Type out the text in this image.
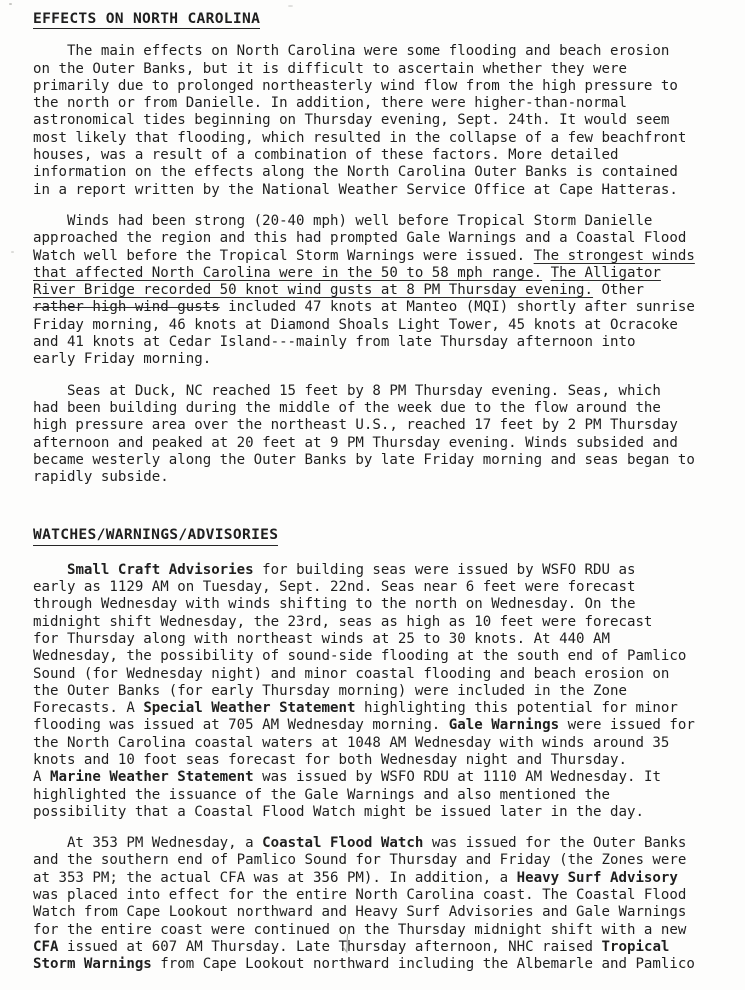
EFFECTS ON NORTH CAROLINA
The main effects on North Carolina were some flooding and beach erosion
on the Outer Banks, but it is difficult to ascertain whether they were
primarily due to prolonged northeasterly wind flow from the high pressure to
the north or from Danielle. In addition, there were higher-than-normal
astronomical tides beginning on Thursday evening, Sept. 24th. It would seem
most likely that flooding, which resulted in the collapse of a few beachfront
houses, was a result of a combination of these factors. More detailed
information on the effects along the North Carolina Outer Banks is contained
in a report written by the National Weather Service Office at Cape Hatteras.
Winds had been strong (20-40 mph) well before Tropical Storm Danielle
approached the region and this had prompted Gale Warnings and a Coastal Flood
Watch well before the Tropical Storm Warnings were issued. The strongest winds
that affected North Carolina were in the 50 to 58 mph range. The Alligator
River Bridge recorded 50 knot wind gusts at 8 PM Thursday evening. Other
rather high wind gusts included 47 knots at Manteo (MQI) shortly after sunrise
Friday morning, 46 knots at Diamond Shoals Light Tower, 45 knots at Ocracoke
and 41 knots at Cedar Island---mainly from late Thursday afternoon into
early Friday morning.
Seas at Duck, NC reached 15 feet by 8 PM Thursday evening. Seas, which
had been building during the middle of the week due to the flow around the
high pressure area over the northeast U.S., reached 17 feet by 2 PM Thursday
afternoon and peaked at 20 feet at 9 PM Thursday evening. Winds subsided and
became westerly along the Outer Banks by late Friday morning and seas began to
rapidly subside.
WATCHES/WARNINGS/ADVISORIES
Small Craft Advisories for building seas were issued by WSFO RDU as
early as 1129 AM on Tuesday, Sept. 22nd. Seas near 6 feet were forecast
through Wednesday with winds shifting to the north on Wednesday. On the
midnight shift Wednesday, the 23rd, seas as high as 10 feet were forecast
for Thursday along with northeast winds at 25 to 30 knots. At 440 AM
Wednesday, the possibility of sound-side flooding at the south end of Pamlico
Sound (for Wednesday night) and minor coastal flooding and beach erosion on
the Outer Banks (for early Thursday morning) were included in the Zone
Forecasts. A Special Weather Statement highlighting this potential for minor
flooding was issued at 705 AM Wednesday morning. Gale Warnings were issued for
the North Carolina coastal waters at 1048 AM Wednesday with winds around 35
knots and 10 foot seas forecast for both Wednesday night and Thursday.
A Marine Weather Statement was issued by WSFO RDU at 1110 AM Wednesday. It
highlighted the issuance of the Gale Warnings and also mentioned the
possibility that a Coastal Flood Watch might be issued later in the day.
At 353 PM Wednesday, a Coastal Flood Watch was issued for the Outer Banks
and the southern end of Pamlico Sound for Thursday and Friday (the Zones were
at 353 PM; the actual CFA was at 356 PM). In addition, a Heavy Surf Advisory
was placed into effect for the entire North Carolina coast. The Coastal Flood
Watch from Cape Lookout northward and Heavy Surf Advisories and Gale Warnings
for the entire coast were continued on the Thursday midnight shift with a new
CFA issued at 607 AM Thursday. Late Thursday afternoon, NHC raised Tropical
Storm Warnings from Cape Lookout northward including the Albemarle and Pamlico
